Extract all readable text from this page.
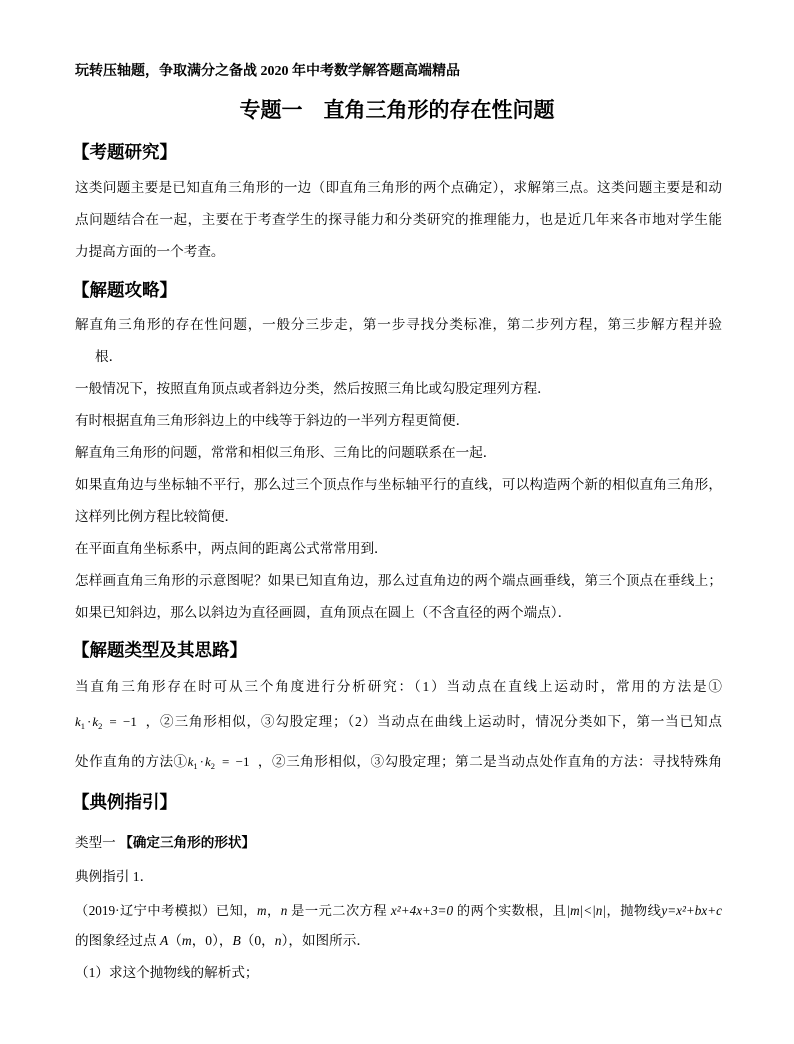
玩转压轴题，争取满分之备战 2020 年中考数学解答题高端精品
专题一　直角三角形的存在性问题
【考题研究】
这类问题主要是已知直角三角形的一边（即直角三角形的两个点确定），求解第三点。这类问题主要是和动
点问题结合在一起，主要在于考查学生的探寻能力和分类研究的推理能力，也是近几年来各市地对学生能
力提高方面的一个考查。
【解题攻略】
解直角三角形的存在性问题，一般分三步走，第一步寻找分类标准，第二步列方程，第三步解方程并验
根．
一般情况下，按照直角顶点或者斜边分类，然后按照三角比或勾股定理列方程．
有时根据直角三角形斜边上的中线等于斜边的一半列方程更简便．
解直角三角形的问题，常常和相似三角形、三角比的问题联系在一起．
如果直角边与坐标轴不平行，那么过三个顶点作与坐标轴平行的直线，可以构造两个新的相似直角三角形，
这样列比例方程比较简便．
在平面直角坐标系中，两点间的距离公式常常用到．
怎样画直角三角形的示意图呢？如果已知直角边，那么过直角边的两个端点画垂线，第三个顶点在垂线上；
如果已知斜边，那么以斜边为直径画圆，直角顶点在圆上（不含直径的两个端点）．
【解题类型及其思路】
当直角三角形存在时可从三个角度进行分析研究：（1）当动点在直线上运动时，常用的方法是①
$k_1 \cdot k_2 = -1$ ，②三角形相似，③勾股定理；（2）当动点在曲线上运动时，情况分类如下，第一当已知点
处作直角的方法$①k_1 \cdot k_2 = -1$ ，②三角形相似，③勾股定理；第二是当动点处作直角的方法：寻找特殊角
【典例指引】
类型一 【确定三角形的形状】
典例指引 1．
（2019·辽宁中考模拟）已知，m，n 是一元二次方程 x²+4x+3=0 的两个实数根，且|m|<|n|，抛物线y=x²+bx+c
的图象经过点 A（m，0），B（0，n），如图所示．
（1）求这个抛物线的解析式；
